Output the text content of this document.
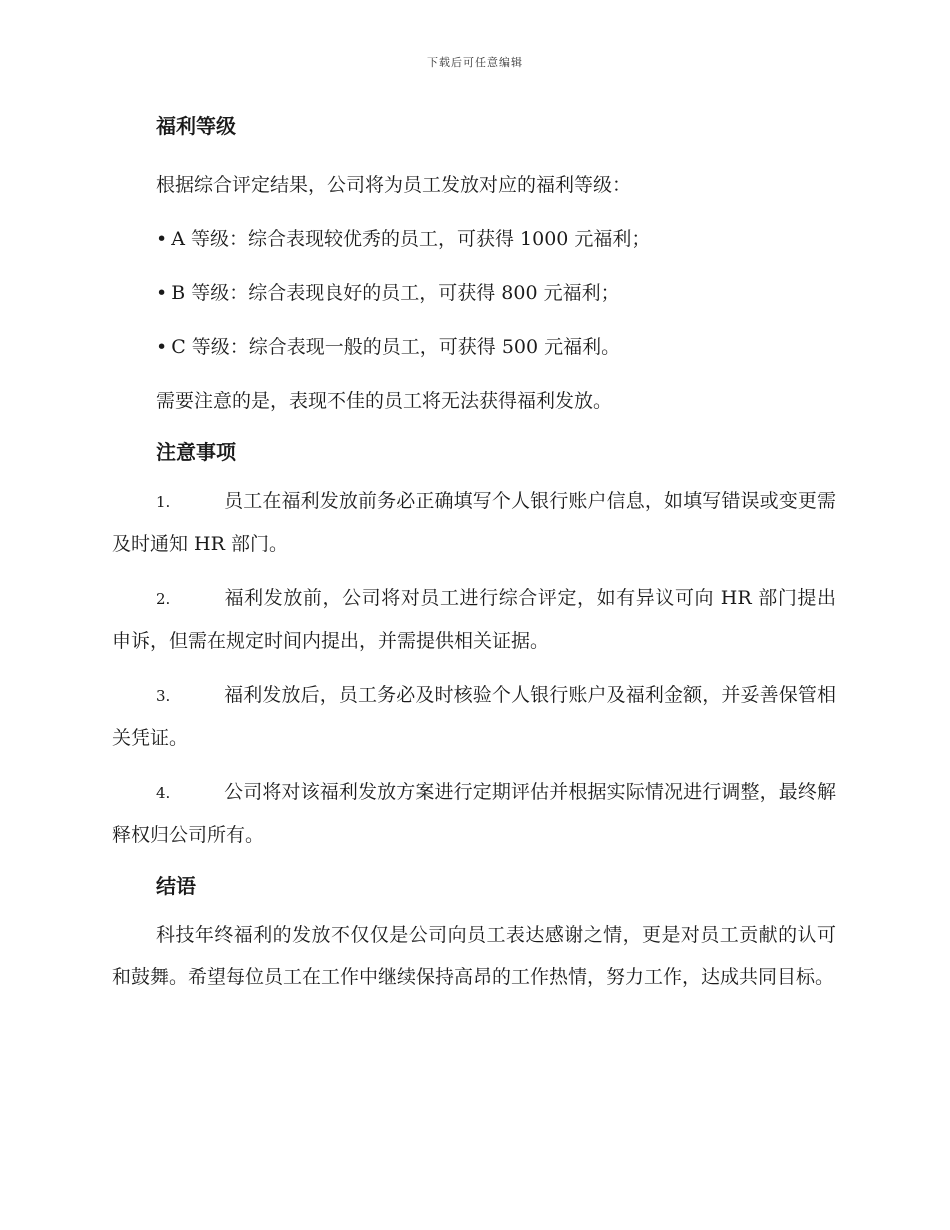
下载后可任意编辑
福利等级

根据综合评定结果，公司将为员工发放对应的福利等级：

• A 等级：综合表现较优秀的员工，可获得 1000 元福利；
• B 等级：综合表现良好的员工，可获得 800 元福利；
• C 等级：综合表现一般的员工，可获得 500 元福利。

需要注意的是，表现不佳的员工将无法获得福利发放。

注意事项
1.	员工在福利发放前务必正确填写个人银行账户信息，如填写错误或变更需及时通知 HR 部门。
2.	福利发放前，公司将对员工进行综合评定，如有异议可向 HR 部门提出申诉，但需在规定时间内提出，并需提供相关证据。
3.	福利发放后，员工务必及时核验个人银行账户及福利金额，并妥善保管相关凭证。
4.	公司将对该福利发放方案进行定期评估并根据实际情况进行调整，最终解释权归公司所有。
结语

科技年终福利的发放不仅仅是公司向员工表达感谢之情，更是对员工贡献的认可和鼓舞。希望每位员工在工作中继续保持高昂的工作热情，努力工作，达成共同目标。
